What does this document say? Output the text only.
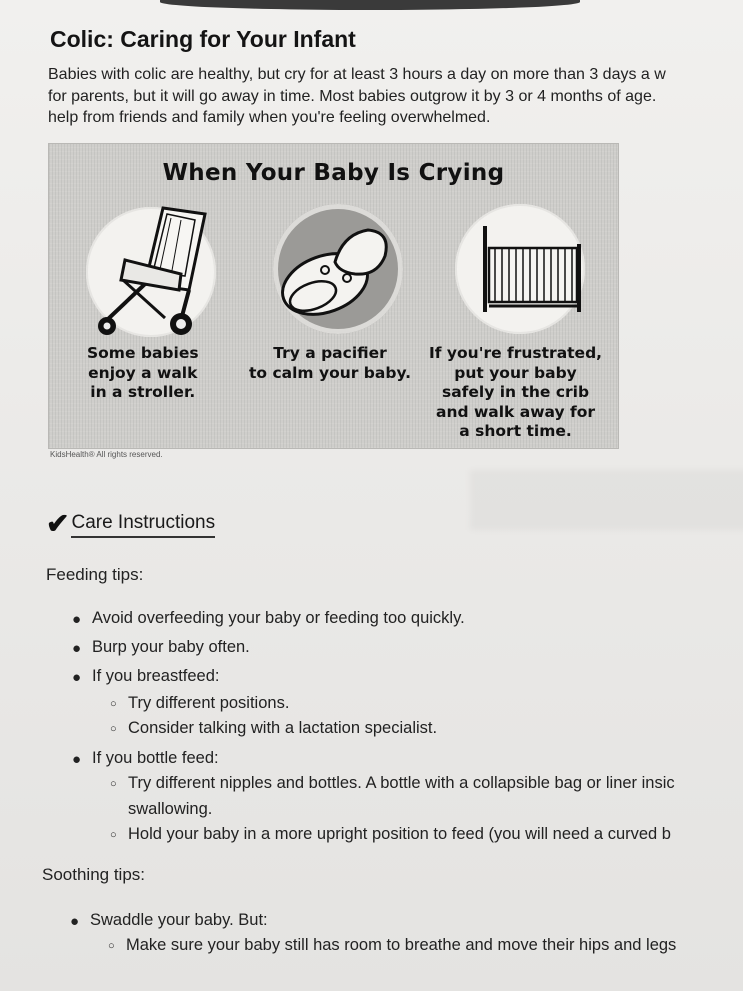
Colic: Caring for Your Infant
Babies with colic are healthy, but cry for at least 3 hours a day on more than 3 days a w
for parents, but it will go away in time. Most babies outgrow it by 3 or 4 months of age.
help from friends and family when you're feeling overwhelmed.
When Your Baby Is Crying
Some babies
enjoy a walk
in a stroller.
Try a pacifier
to calm your baby.
If you're frustrated,
put your baby
safely in the crib
and walk away for
a short time.
KidsHealth® All rights reserved.
✔ Care Instructions
Feeding tips:
● Avoid overfeeding your baby or feeding too quickly.
● Burp your baby often.
● If you breastfeed:
○ Try different positions.
○ Consider talking with a lactation specialist.
● If you bottle feed:
○ Try different nipples and bottles. A bottle with a collapsible bag or liner insic
swallowing.
○ Hold your baby in a more upright position to feed (you will need a curved b
Soothing tips:
● Swaddle your baby. But:
○ Make sure your baby still has room to breathe and move their hips and legs
